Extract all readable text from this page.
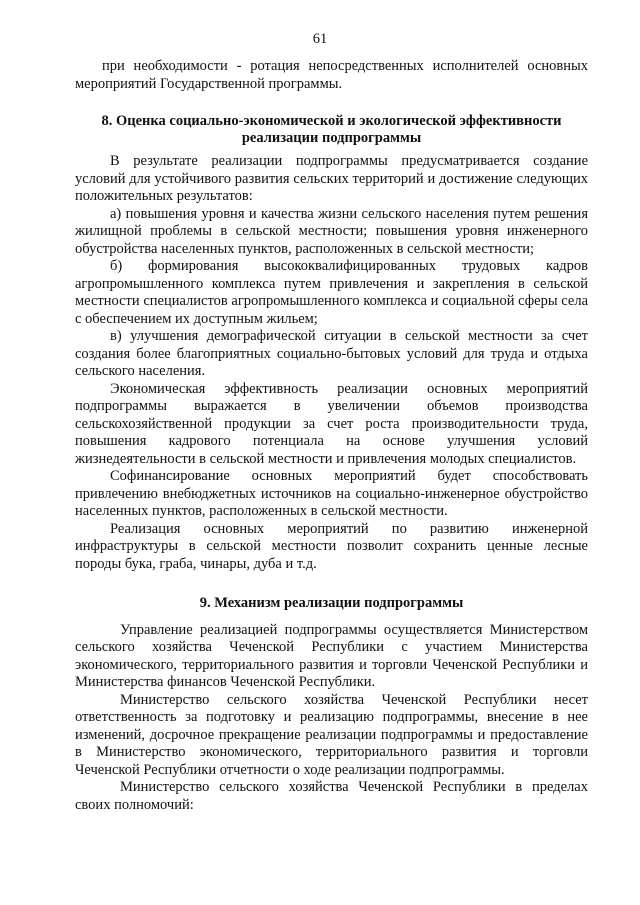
61

при необходимости - ротация непосредственных исполнителей основных мероприятий Государственной программы.

8. Оценка социально-экономической и экологической эффективности реализации подпрограммы

В результате реализации подпрограммы предусматривается создание условий для устойчивого развития сельских территорий и достижение следующих положительных результатов:

а) повышения уровня и качества жизни сельского населения путем решения жилищной проблемы в сельской местности; повышения уровня инженерного обустройства населенных пунктов, расположенных в сельской местности;

б) формирования высококвалифицированных трудовых кадров агропромышленного комплекса путем привлечения и закрепления в сельской местности специалистов агропромышленного комплекса и социальной сферы села с обеспечением их доступным жильем;

в) улучшения демографической ситуации в сельской местности за счет создания более благоприятных социально-бытовых условий для труда и отдыха сельского населения.

Экономическая эффективность реализации основных мероприятий подпрограммы выражается в увеличении объемов производства сельскохозяйственной продукции за счет роста производительности труда, повышения кадрового потенциала на основе улучшения условий жизнедеятельности в сельской местности и привлечения молодых специалистов.

Софинансирование основных мероприятий будет способствовать привлечению внебюджетных источников на социально-инженерное обустройство населенных пунктов, расположенных в сельской местности.

Реализация основных мероприятий по развитию инженерной инфраструктуры в сельской местности позволит сохранить ценные лесные породы бука, граба, чинары, дуба и т.д.

9. Механизм реализации подпрограммы

Управление реализацией подпрограммы осуществляется Министерством сельского хозяйства Чеченской Республики с участием Министерства экономического, территориального развития и торговли Чеченской Республики и Министерства финансов Чеченской Республики.

Министерство сельского хозяйства Чеченской Республики несет ответственность за подготовку и реализацию подпрограммы, внесение в нее изменений, досрочное прекращение реализации подпрограммы и предоставление в Министерство экономического, территориального развития и торговли Чеченской Республики отчетности о ходе реализации подпрограммы.

Министерство сельского хозяйства Чеченской Республики в пределах своих полномочий:
